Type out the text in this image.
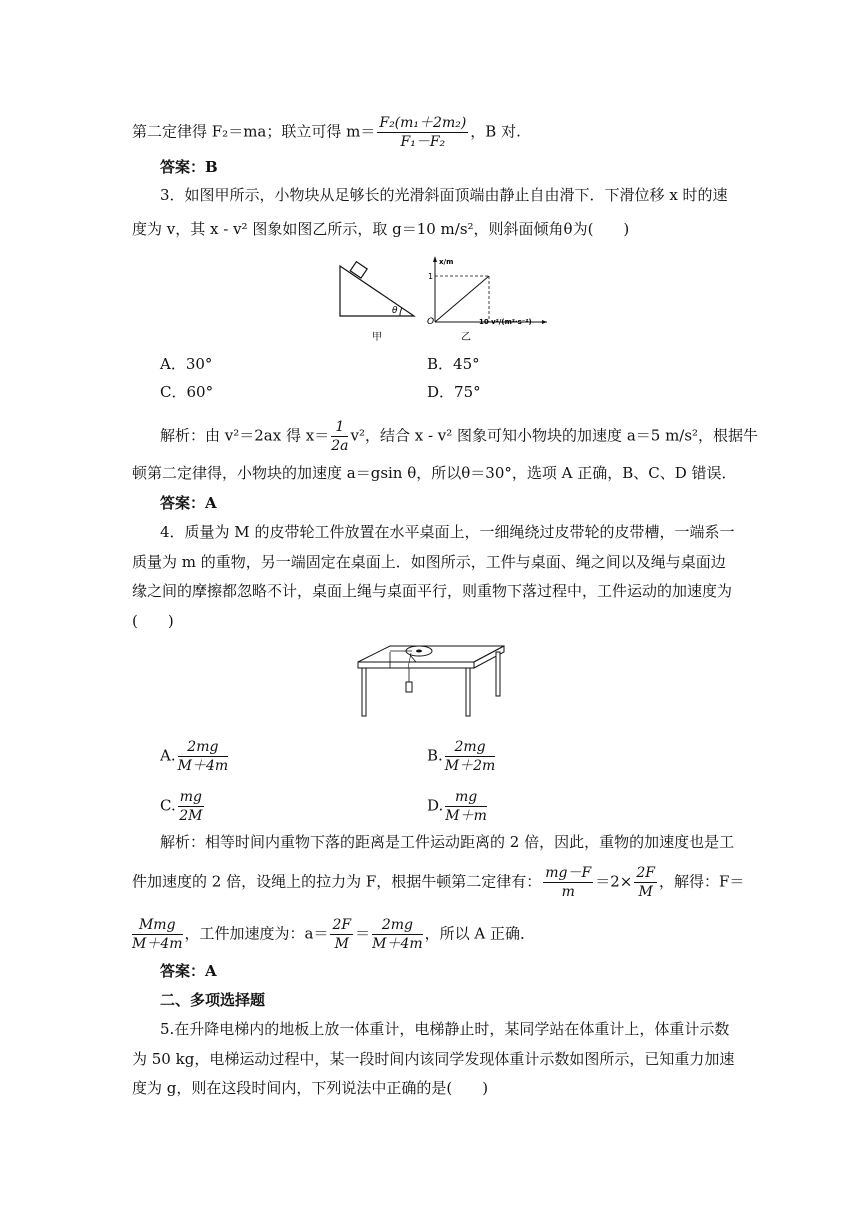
第二定律得 F₂＝ma；联立可得 $m= \frac{\text{F₂(m₁＋2m₂)}}{\text{F₁－F₂}}$ ，B 对.
答案：B
3．如图甲所示，小物块从足够长的光滑斜面顶端由静止自由滑下．下滑位移 x 时的速
度为 v，其 x - v² 图象如图乙所示，取 g＝10 m/s²，则斜面倾角θ为(　　)
θ
甲
x/m
1
O	10 v²/(m²·s⁻²)
乙
A．30°	B．45°
C．60°	D．75°
解析：由 v²＝2ax 得 $x= \frac{1}{2a} v^2$，结合 x - v² 图象可知小物块的加速度 a＝5 m/s²，根据牛
顿第二定律得，小物块的加速度 a＝gsin θ，所以θ＝30°，选项 A 正确，B、C、D 错误．
答案：A
4．质量为 M 的皮带轮工件放置在水平桌面上，一细绳绕过皮带轮的皮带槽，一端系一
质量为 m 的重物，另一端固定在桌面上．如图所示，工件与桌面、绳之间以及绳与桌面边
缘之间的摩擦都忽略不计，桌面上绳与桌面平行，则重物下落过程中，工件运动的加速度为
(　　)
A. $\frac{2mg}{M+4m}$	B. $\frac{2mg}{M+2m}$
C. $\frac{mg}{2M}$	D. $\frac{mg}{M+m}$
解析：相等时间内重物下落的距离是工件运动距离的 2 倍，因此，重物的加速度也是工
件加速度的 2 倍，设绳上的拉力为 F，根据牛顿第二定律有： $\frac{mg-F}{m} =2\times \frac{2F}{M}$ ，解得：F＝
$\frac{\text{Mmg}}{M+4m}$ ，工件加速度为：$a= \frac{2F}{M} = \frac{2mg}{M+4m}$ ，所以 A 正确．
答案：A
二、多项选择题
5.在升降电梯内的地板上放一体重计，电梯静止时，某同学站在体重计上，体重计示数
为 50 kg，电梯运动过程中，某一段时间内该同学发现体重计示数如图所示，已知重力加速
度为 g，则在这段时间内，下列说法中正确的是(　　)
